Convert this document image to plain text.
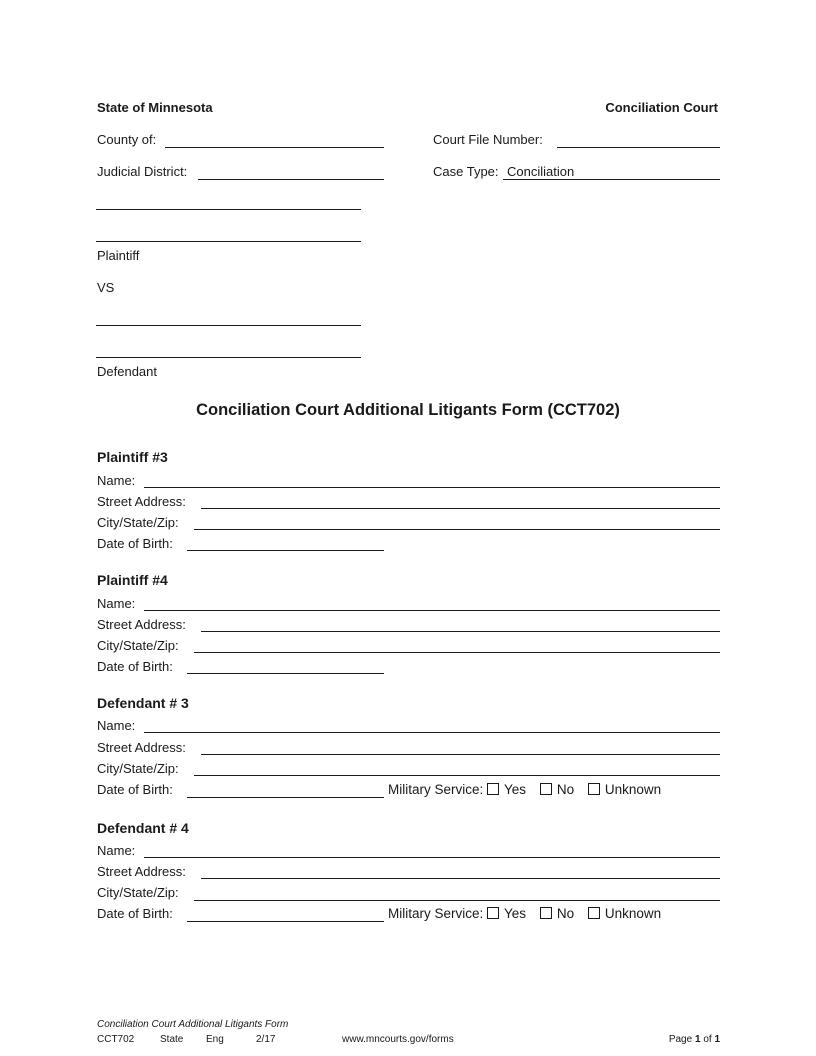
State of Minnesota	Conciliation Court
County of:	Court File Number:
Judicial District:	Case Type: Conciliation
Plaintiff
VS
Defendant
Conciliation Court Additional Litigants Form (CCT702)
Plaintiff #3
Name:
Street Address:
City/State/Zip:
Date of Birth:
Plaintiff #4
Name:
Street Address:
City/State/Zip:
Date of Birth:
Defendant # 3
Name:
Street Address:
City/State/Zip:
Date of Birth:	Military Service: Yes No Unknown
Defendant # 4
Name:
Street Address:
City/State/Zip:
Date of Birth:	Military Service: Yes No Unknown
Conciliation Court Additional Litigants Form
CCT702	State Eng	2/17	www.mncourts.gov/forms	Page 1 of 1
